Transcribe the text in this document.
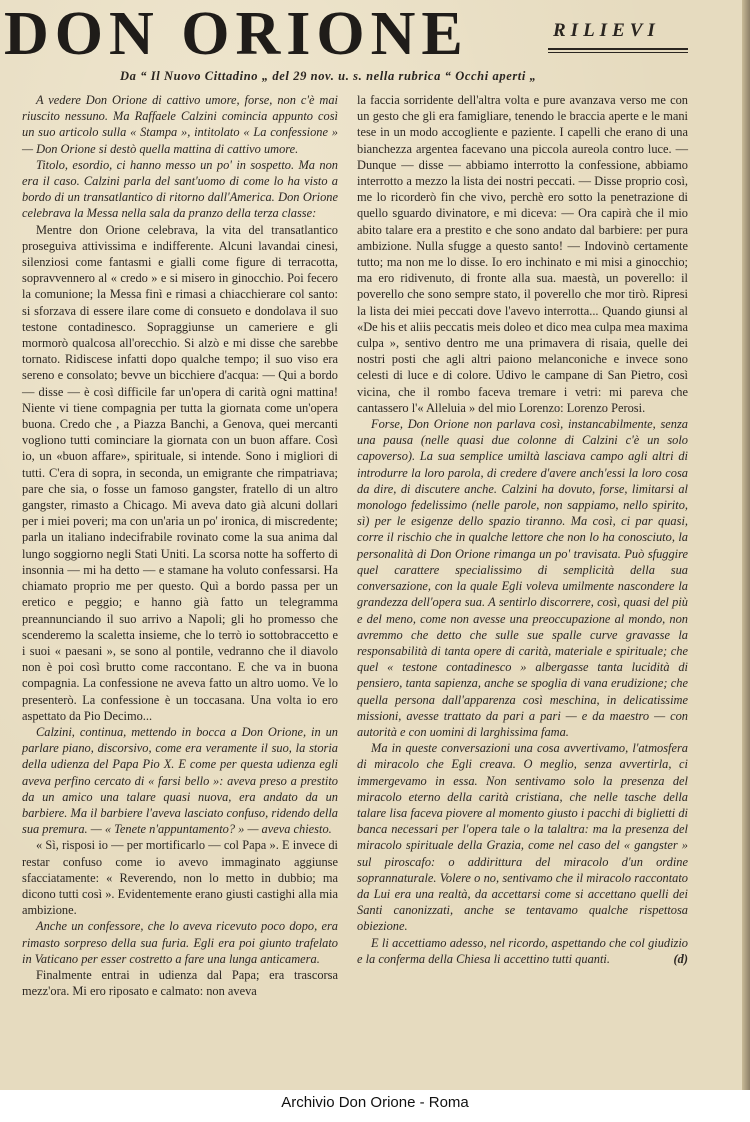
DON ORIONE	RILIEVI
Da “ Il Nuovo Cittadino „ del 29 nov. u. s. nella rubrica “ Occhi aperti „

A vedere Don Orione di cattivo umore, forse, non c'è mai riuscito nessuno. Ma Raffaele Calzini comincia appunto così un suo articolo sulla « Stampa », intitolato « La confessione » — Don Orione si destò quella mattina di cattivo umore.

Titolo, esordio, ci hanno messo un po' in sospetto. Ma non era il caso. Calzini parla del sant'uomo di come lo ha visto a bordo di un transatlantico di ritorno dall'America. Don Orione celebrava la Messa nella sala da pranzo della terza classe:

Mentre don Orione celebrava, la vita del transatlantico proseguiva attivissima e indifferente. Alcuni lavandai cinesi, silenziosi come fantasmi e gialli come figure di terracotta, sopravvennero al « credo » e si misero in ginocchio. Poi fecero la comunione; la Messa finì e rimasi a chiacchierare col santo: si sforzava di essere ilare come di consueto e dondolava il suo testone contadinesco. Sopraggiunse un cameriere e gli mormorò qualcosa all'orecchio. Si alzò e mi disse che sarebbe tornato. Ridiscese infatti dopo qualche tempo; il suo viso era sereno e consolato; bevve un bicchiere d'acqua: — Qui a bordo — disse — è così difficile far un'opera di carità ogni mattina! Niente vi tiene compagnia per tutta la giornata come un'opera buona. Credo che , a Piazza Banchi, a Genova, quei mercanti vogliono tutti cominciare la giornata con un buon affare. Così io, un «buon affare», spirituale, si intende. Sono i migliori di tutti. C'era di sopra, in seconda, un emigrante che rimpatriava; pare che sia, o fosse un famoso gangster, fratello di un altro gangster, rimasto a Chicago. Mi aveva dato già alcuni dollari per i miei poveri; ma con un'aria un po' ironica, di miscredente; parla un italiano indecifrabile rovinato come la sua anima dal lungo soggiorno negli Stati Uniti. La scorsa notte ha sofferto di insonnia — mi ha detto — e stamane ha voluto confessarsi. Ha chiamato proprio me per questo. Quì a bordo passa per un eretico e peggio; e hanno già fatto un telegramma preannunciando il suo arrivo a Napoli; gli ho promesso che scenderemo la scaletta insieme, che lo terrò io sottobraccetto e i suoi « paesani », se sono al pontile, vedranno che il diavolo non è poi così brutto come raccontano. E che va in buona compagnia. La confessione ne aveva fatto un altro uomo. Ve lo presenterò. La confessione è un toccasana. Una volta io ero aspettato da Pio Decimo...

Calzini, continua, mettendo in bocca a Don Orione, in un parlare piano, discorsivo, come era veramente il suo, la storia della udienza del Papa Pio X. E come per questa udienza egli aveva perfino cercato di « farsi bello »: aveva preso a prestito da un amico una talare quasi nuova, era andato da un barbiere. Ma il barbiere l'aveva lasciato confuso, ridendo della sua premura. — « Tenete n'appuntamento? » — aveva chiesto.

« Sì, risposi io — per mortificarlo — col Papa ». E invece di restar confuso come io avevo immaginato aggiunse sfacciatamente: « Reverendo, non lo metto in dubbio; ma dicono tutti così ». Evidentemente erano giusti castighi alla mia ambizione.

Anche un confessore, che lo aveva ricevuto poco dopo, era rimasto sorpreso della sua furia. Egli era poi giunto trafelato in Vaticano per esser costretto a fare una lunga anticamera.

Finalmente entrai in udienza dal Papa; era trascorsa mezz'ora. Mi ero riposato e calmato: non aveva

la faccia sorridente dell'altra volta e pure avanzava verso me con un gesto che gli era famigliare, tenendo le braccia aperte e le mani tese in un modo accogliente e paziente. I capelli che erano di una bianchezza argentea facevano una piccola aureola contro luce. — Dunque — disse — abbiamo interrotto la confessione, abbiamo interrotto a mezzo la lista dei nostri peccati. — Disse proprio così, me lo ricorderò fin che vivo, perchè ero sotto la penetrazione di quello sguardo divinatore, e mi diceva: — Ora capirà che il mio abito talare era a prestito e che sono andato dal barbiere: per pura ambizione. Nulla sfugge a questo santo! — Indovinò certamente tutto; ma non me lo disse. Io ero inchinato e mi misi a ginocchio; ma ero ridivenuto, di fronte alla sua. maestà, un poverello: il poverello che sono sempre stato, il poverello che mor tirò. Ripresi la lista dei miei peccati dove l'avevo interrotta... Quando giunsi al «De his et aliis peccatis meis doleo et dico mea culpa mea maxima culpa », sentivo dentro me una primavera di risaia, quelle dei nostri posti che agli altri paiono melanconiche e invece sono celesti di luce e di colore. Udivo le campane di San Pietro, così vicina, che il rombo faceva tremare i vetri: mi pareva che cantassero l'« Alleluia » del mio Lorenzo: Lorenzo Perosi.

Forse, Don Orione non parlava così, instancabilmente, senza una pausa (nelle quasi due colonne di Calzini c'è un solo capoverso). La sua semplice umiltà lasciava campo agli altri di introdurre la loro parola, di credere d'avere anch'essi la loro cosa da dire, di discutere anche. Calzini ha dovuto, forse, limitarsi al monologo fedelissimo (nelle parole, non sappiamo, nello spirito, sì) per le esigenze dello spazio tiranno. Ma così, ci par quasi, corre il rischio che in qualche lettore che non lo ha conosciuto, la personalità di Don Orione rimanga un po' travisata. Può sfuggire quel carattere specialissimo di semplicità della sua conversazione, con la quale Egli voleva umilmente nascondere la grandezza dell'opera sua. A sentirlo discorrere, così, quasi del più e del meno, come non avesse una preoccupazione al mondo, non avremmo che detto che sulle sue spalle curve gravasse la responsabilità di tanta opere di carità, materiale e spirituale; che quel « testone contadinesco » albergasse tanta lucidità di pensiero, tanta sapienza, anche se spoglia di vana erudizione; che quella persona dall'apparenza così meschina, in delicatissime missioni, avesse trattato da pari a pari — e da maestro — con autorità e con uomini di larghissima fama.

Ma in queste conversazioni una cosa avvertivamo, l'atmosfera di miracolo che Egli creava. O meglio, senza avvertirla, ci immergevamo in essa. Non sentivamo solo la presenza del miracolo eterno della carità cristiana, che nelle tasche della talare lisa faceva piovere al momento giusto i pacchi di biglietti di banca necessari per l'opera tale o la talaltra: ma la presenza del miracolo spirituale della Grazia, come nel caso del « gangster » sul piroscafo: o addirittura del miracolo d'un ordine soprannaturale. Volere o no, sentivamo che il miracolo raccontato da Lui era una realtà, da accettarsi come si accettano quelli dei Santi canonizzati, anche se tentavamo qualche rispettosa obiezione.

E li accettiamo adesso, nel ricordo, aspettando che col giudizio e la conferma della Chiesa li accettino tutti quanti.	(d)
Archivio Don Orione - Roma
